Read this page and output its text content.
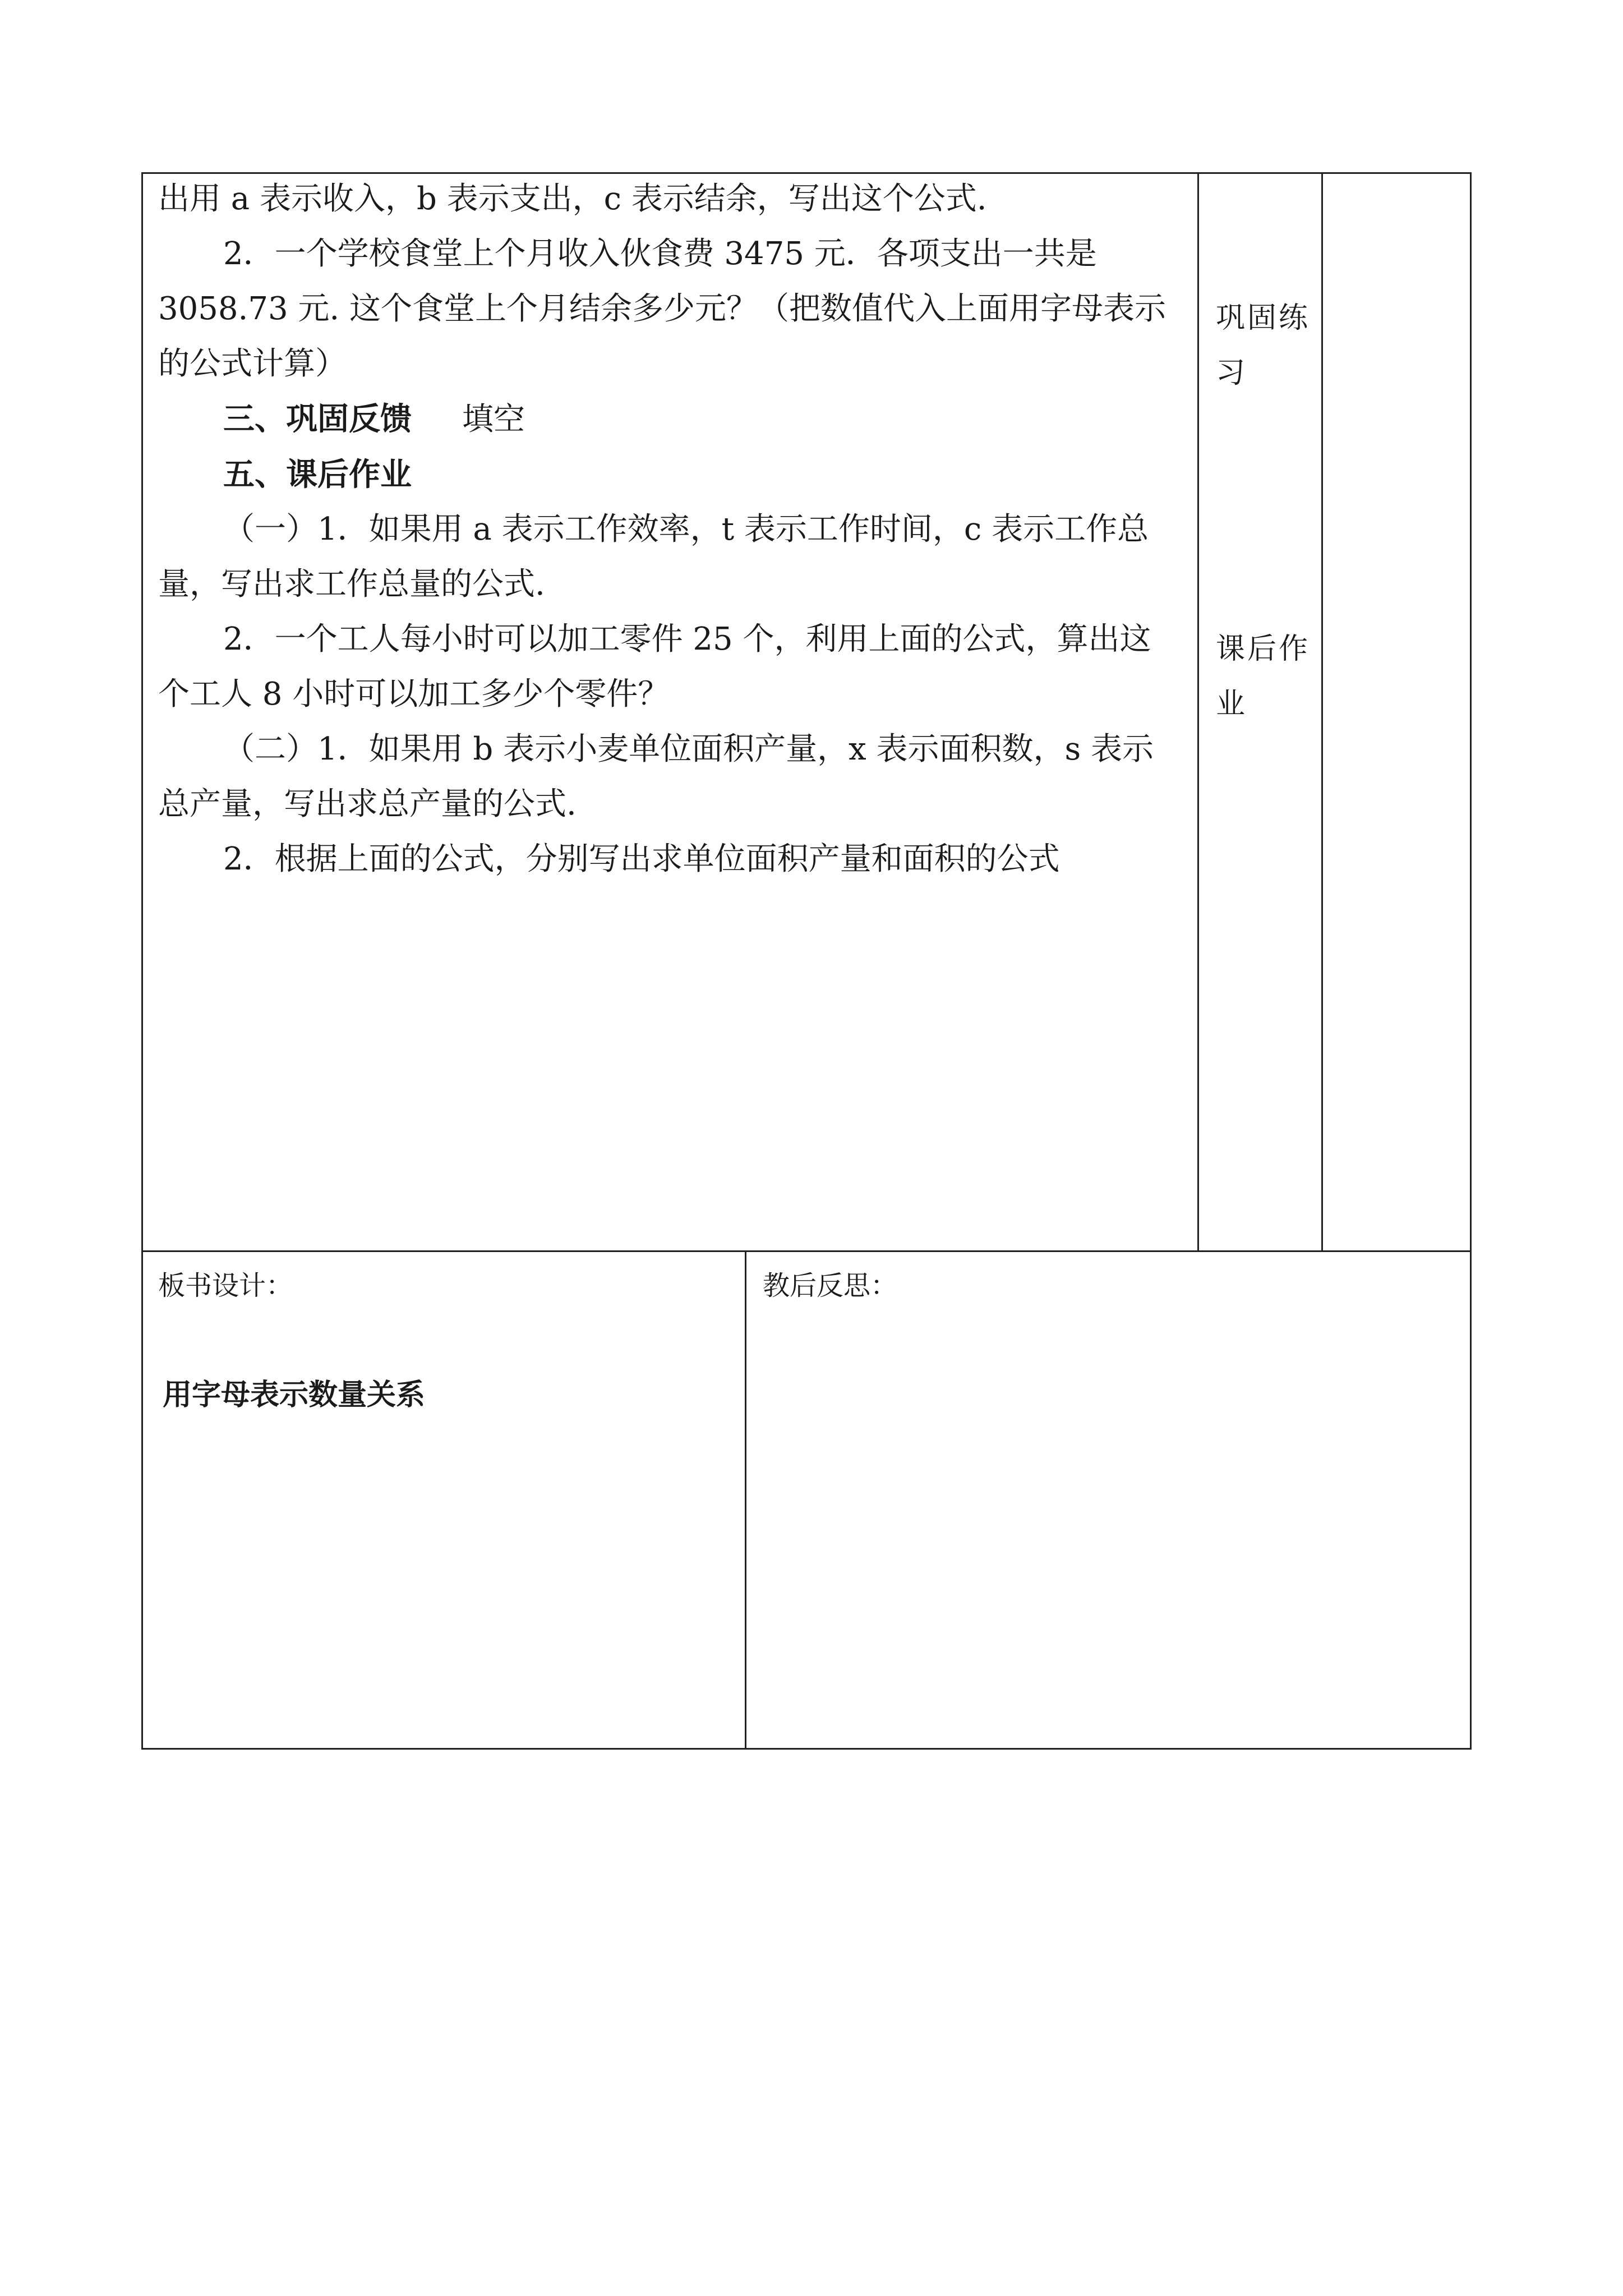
出用 a 表示收入，b 表示支出，c 表示结余，写出这个公式.

2．一个学校食堂上个月收入伙食费 3475 元．各项支出一共是

3058.73 元. 这个食堂上个月结余多少元？（把数值代入上面用字母表示

的公式计算）

三、巩固反馈 填空

五、课后作业

（一）1．如果用 a 表示工作效率，t 表示工作时间，c 表示工作总

量，写出求工作总量的公式.

2．一个工人每小时可以加工零件 25 个，利用上面的公式，算出这

个工人 8 小时可以加工多少个零件？

（二）1．如果用 b 表示小麦单位面积产量，x 表示面积数，s 表示

总产量，写出求总产量的公式.

2．根据上面的公式，分别写出求单位面积产量和面积的公式

巩固练
习
课后作
业
板书设计：
用字母表示数量关系
教后反思：
